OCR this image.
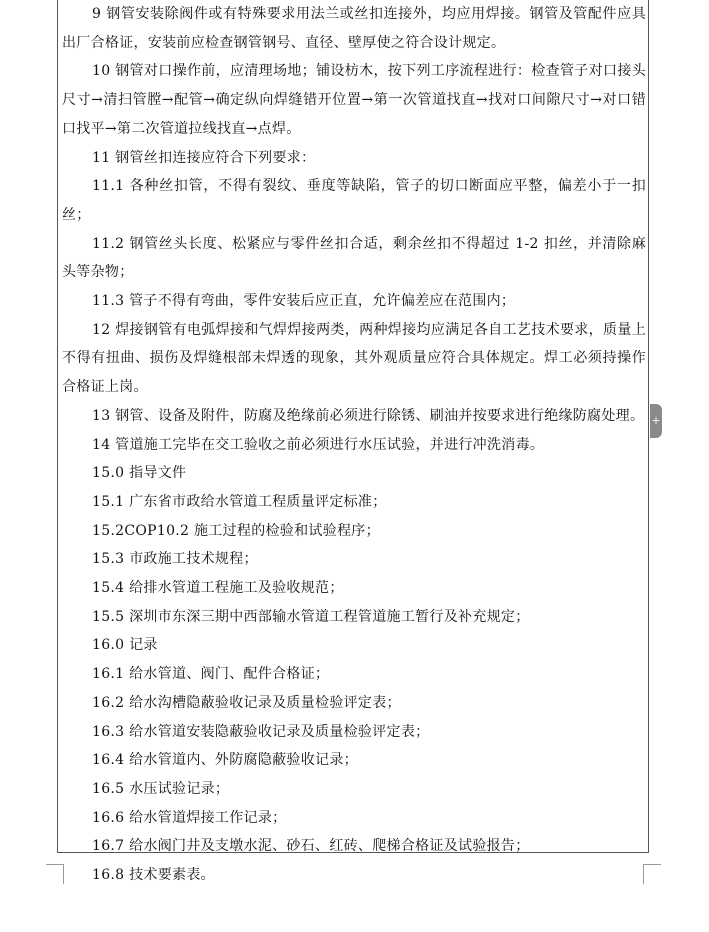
9 钢管安装除阀件或有特殊要求用法兰或丝扣连接外，均应用焊接。钢管及管配件应具出厂合格证，安装前应检查钢管钢号、直径、壁厚使之符合设计规定。

10 钢管对口操作前，应清理场地；铺设枋木，按下列工序流程进行：检查管子对口接头尺寸→清扫管膛→配管→确定纵向焊缝错开位置→第一次管道找直→找对口间隙尺寸→对口错口找平→第二次管道拉线找直→点焊。

11 钢管丝扣连接应符合下列要求：

11.1 各种丝扣管，不得有裂纹、垂度等缺陷，管子的切口断面应平整，偏差小于一扣丝；

11.2 钢管丝头长度、松紧应与零件丝扣合适，剩余丝扣不得超过 1-2 扣丝，并清除麻头等杂物；

11.3 管子不得有弯曲，零件安装后应正直，允许偏差应在范围内；

12 焊接钢管有电弧焊接和气焊焊接两类，两种焊接均应满足各自工艺技术要求，质量上不得有扭曲、损伤及焊缝根部未焊透的现象，其外观质量应符合具体规定。焊工必须持操作合格证上岗。

13 钢管、设备及附件，防腐及绝缘前必须进行除锈、刷油并按要求进行绝缘防腐处理。

14 管道施工完毕在交工验收之前必须进行水压试验，并进行冲洗消毒。

15.0 指导文件

15.1 广东省市政给水管道工程质量评定标准；

15.2COP10.2 施工过程的检验和试验程序；

15.3 市政施工技术规程；

15.4 给排水管道工程施工及验收规范；

15.5 深圳市东深三期中西部输水管道工程管道施工暂行及补充规定；

16.0 记录

16.1 给水管道、阀门、配件合格证；

16.2 给水沟槽隐蔽验收记录及质量检验评定表；

16.3 给水管道安装隐蔽验收记录及质量检验评定表；

16.4 给水管道内、外防腐隐蔽验收记录；

16.5 水压试验记录；

16.6 给水管道焊接工作记录；

16.7 给水阀门井及支墩水泥、砂石、红砖、爬梯合格证及试验报告；

16.8 技术要素表。

+
